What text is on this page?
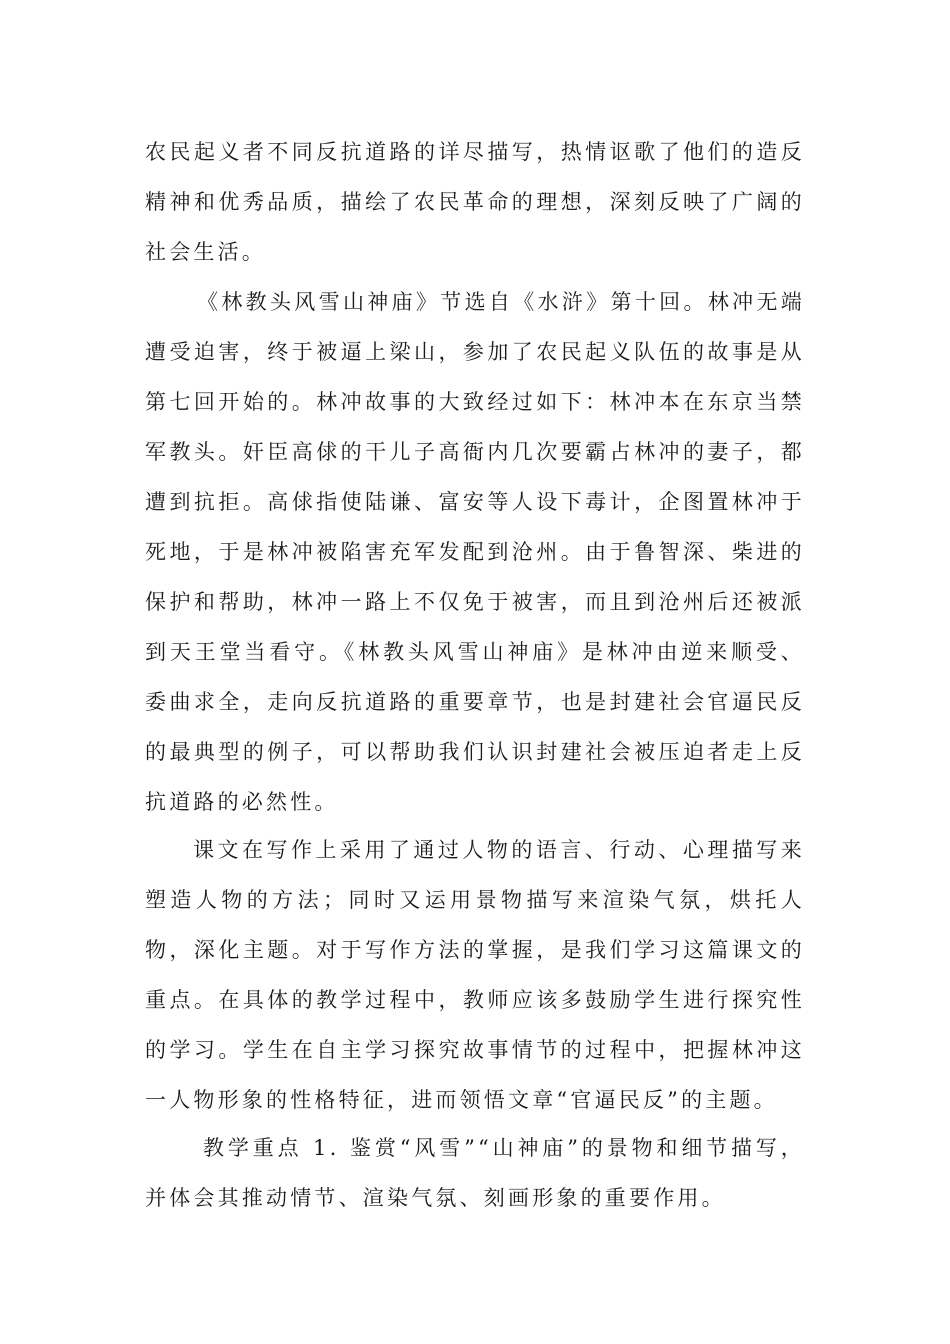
农民起义者不同反抗道路的详尽描写，热情讴歌了他们的造反精神和优秀品质，描绘了农民革命的理想，深刻反映了广阔的社会生活。

《林教头风雪山神庙》节选自《水浒》第十回。林冲无端遭受迫害，终于被逼上梁山，参加了农民起义队伍的故事是从第七回开始的。林冲故事的大致经过如下：林冲本在东京当禁军教头。奸臣高俅的干儿子高衙内几次要霸占林冲的妻子，都遭到抗拒。高俅指使陆谦、富安等人设下毒计，企图置林冲于死地，于是林冲被陷害充军发配到沧州。由于鲁智深、柴进的保护和帮助，林冲一路上不仅免于被害，而且到沧州后还被派到天王堂当看守。《林教头风雪山神庙》是林冲由逆来顺受、委曲求全，走向反抗道路的重要章节，也是封建社会官逼民反的最典型的例子，可以帮助我们认识封建社会被压迫者走上反抗道路的必然性。

课文在写作上采用了通过人物的语言、行动、心理描写来塑造人物的方法；同时又运用景物描写来渲染气氛，烘托人物，深化主题。对于写作方法的掌握，是我们学习这篇课文的重点。在具体的教学过程中，教师应该多鼓励学生进行探究性的学习。学生在自主学习探究故事情节的过程中，把握林冲这一人物形象的性格特征，进而领悟文章“官逼民反”的主题。

教学重点 1. 鉴赏“风雪”“山神庙”的景物和细节描写，并体会其推动情节、渲染气氛、刻画形象的重要作用。
